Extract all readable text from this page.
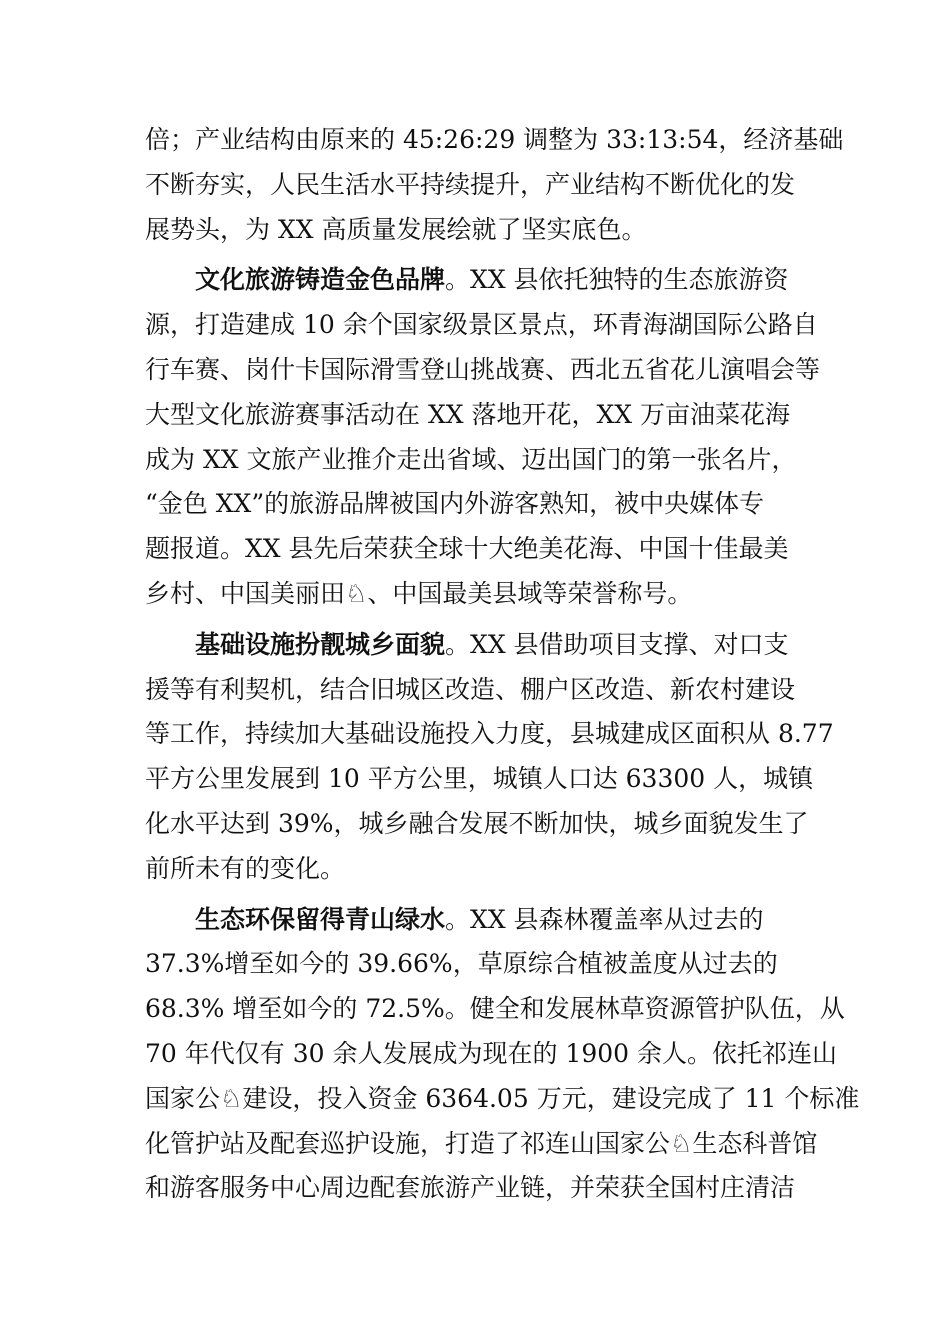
倍；产业结构由原来的 45:26:29 调整为 33:13:54，经济基础
不断夯实，人民生活水平持续提升，产业结构不断优化的发
展势头，为 XX 高质量发展绘就了坚实底色。
文化旅游铸造金色品牌。XX 县依托独特的生态旅游资
源，打造建成 10 余个国家级景区景点，环青海湖国际公路自
行车赛、岗什卡国际滑雪登山挑战赛、西北五省花儿演唱会等
大型文化旅游赛事活动在 XX 落地开花，XX 万亩油菜花海
成为 XX 文旅产业推介走出省域、迈出国门的第一张名片，
“金色 XX”的旅游品牌被国内外游客熟知，被中央媒体专
题报道。XX 县先后荣获全球十大绝美花海、中国十佳最美
乡村、中国美丽田♘、中国最美县域等荣誉称号。
基础设施扮靓城乡面貌。XX 县借助项目支撑、对口支
援等有利契机，结合旧城区改造、棚户区改造、新农村建设
等工作，持续加大基础设施投入力度，县城建成区面积从 8.77
平方公里发展到 10 平方公里，城镇人口达 63300 人，城镇
化水平达到 39%，城乡融合发展不断加快，城乡面貌发生了
前所未有的变化。
生态环保留得青山绿水。XX 县森林覆盖率从过去的
37.3%增至如今的 39.66%，草原综合植被盖度从过去的
68.3% 增至如今的 72.5%。健全和发展林草资源管护队伍，从
70 年代仅有 30 余人发展成为现在的 1900 余人。依托祁连山
国家公♘建设，投入资金 6364.05 万元，建设完成了 11 个标准
化管护站及配套巡护设施，打造了祁连山国家公♘生态科普馆
和游客服务中心周边配套旅游产业链，并荣获全国村庄清洁
